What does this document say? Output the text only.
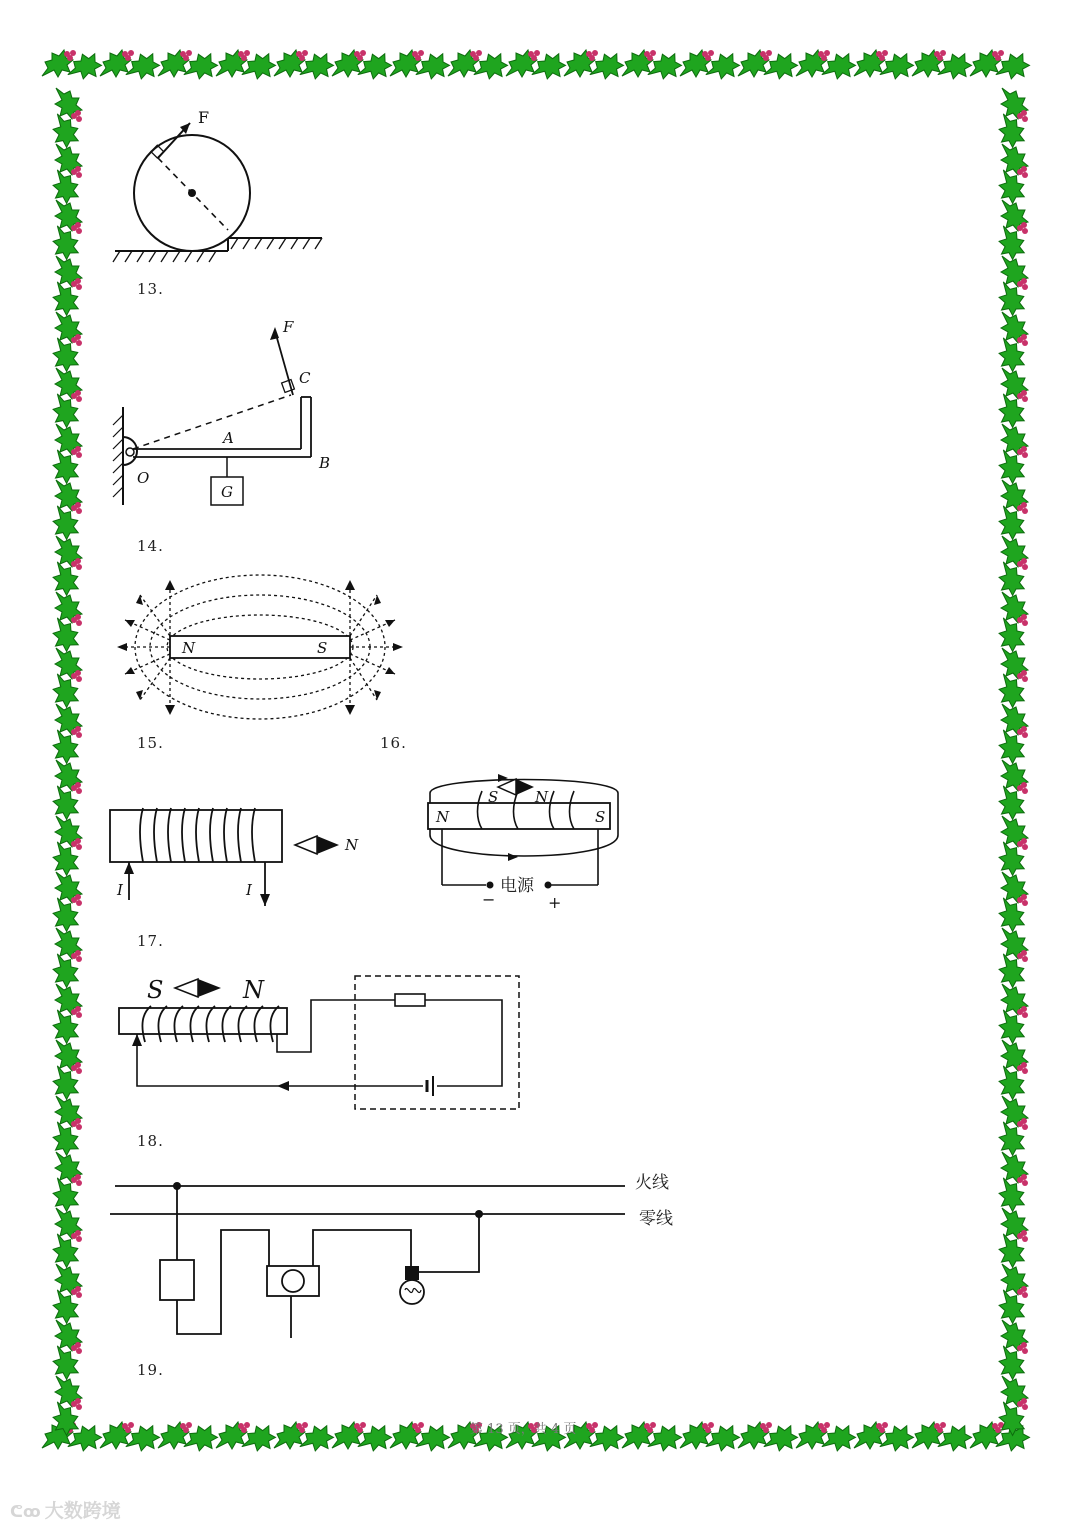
F
13.
F
C
A
O
B
G
14.
N	S
15.	16.
I	I
N
N	S
S N
电源
−	+
17.
S	N
18.
火线
零线
19.
第 13 页，共 4 页
ᕦꝏ 大数跨境
